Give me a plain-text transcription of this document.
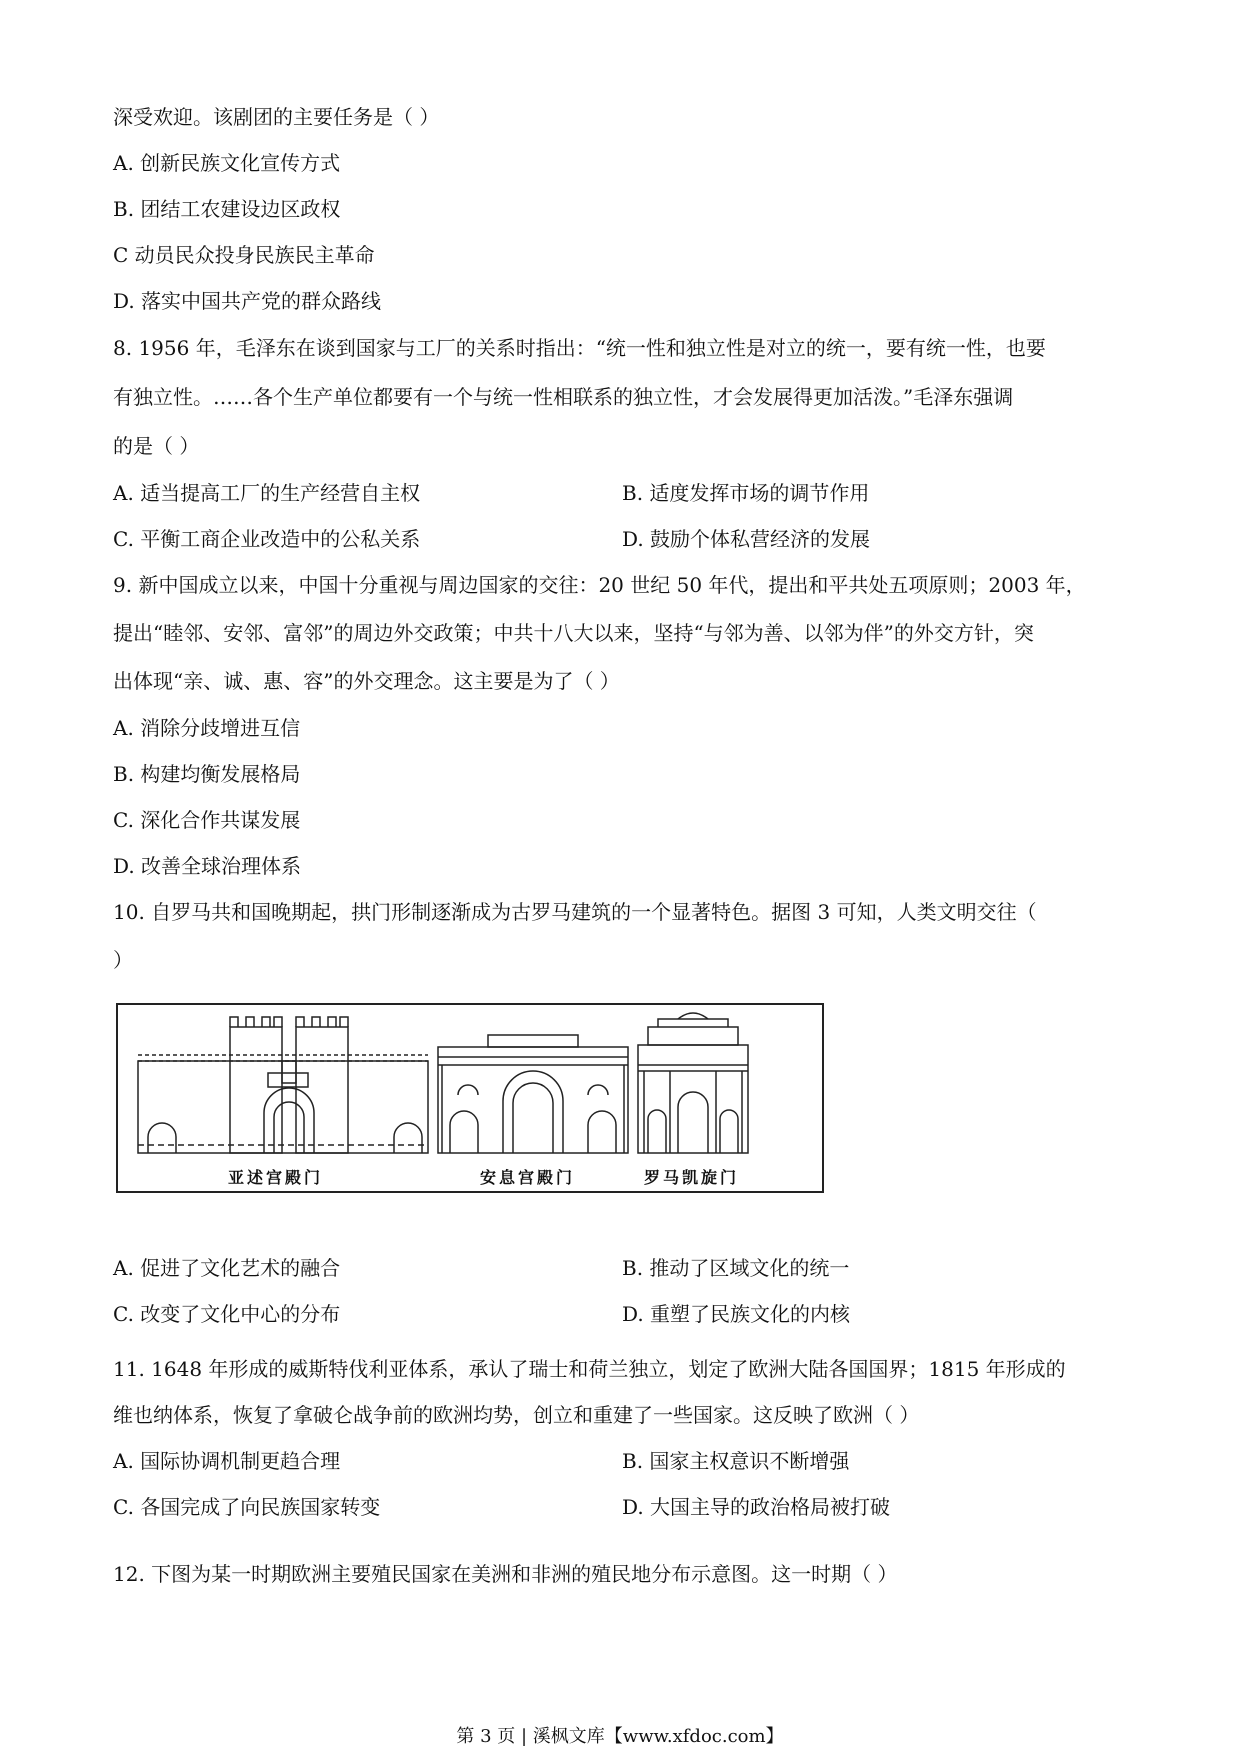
深受欢迎。该剧团的主要任务是（ ）
A. 创新民族文化宣传方式
B. 团结工农建设边区政权
C 动员民众投身民族民主革命
D. 落实中国共产党的群众路线
8. 1956 年，毛泽东在谈到国家与工厂的关系时指出：“统一性和独立性是对立的统一，要有统一性，也要
有独立性。……各个生产单位都要有一个与统一性相联系的独立性，才会发展得更加活泼。”毛泽东强调
的是（ ）
A. 适当提高工厂的生产经营自主权	B. 适度发挥市场的调节作用
C. 平衡工商企业改造中的公私关系	D. 鼓励个体私营经济的发展
9. 新中国成立以来，中国十分重视与周边国家的交往：20 世纪 50 年代，提出和平共处五项原则；2003 年，
提出“睦邻、安邻、富邻”的周边外交政策；中共十八大以来，坚持“与邻为善、以邻为伴”的外交方针，突
出体现“亲、诚、惠、容”的外交理念。这主要是为了（ ）
A. 消除分歧增进互信
B. 构建均衡发展格局
C. 深化合作共谋发展
D. 改善全球治理体系
10. 自罗马共和国晚期起，拱门形制逐渐成为古罗马建筑的一个显著特色。据图 3 可知，人类文明交往（
）
亚述宫殿门	安息宫殿门	罗马凯旋门
A. 促进了文化艺术的融合	B. 推动了区域文化的统一
C. 改变了文化中心的分布	D. 重塑了民族文化的内核
11. 1648 年形成的威斯特伐利亚体系，承认了瑞士和荷兰独立，划定了欧洲大陆各国国界；1815 年形成的
维也纳体系，恢复了拿破仑战争前的欧洲均势，创立和重建了一些国家。这反映了欧洲（ ）
A. 国际协调机制更趋合理	B. 国家主权意识不断增强
C. 各国完成了向民族国家转变	D. 大国主导的政治格局被打破
12. 下图为某一时期欧洲主要殖民国家在美洲和非洲的殖民地分布示意图。这一时期（ ）
第 3 页 | 溪枫文库【www.xfdoc.com】
